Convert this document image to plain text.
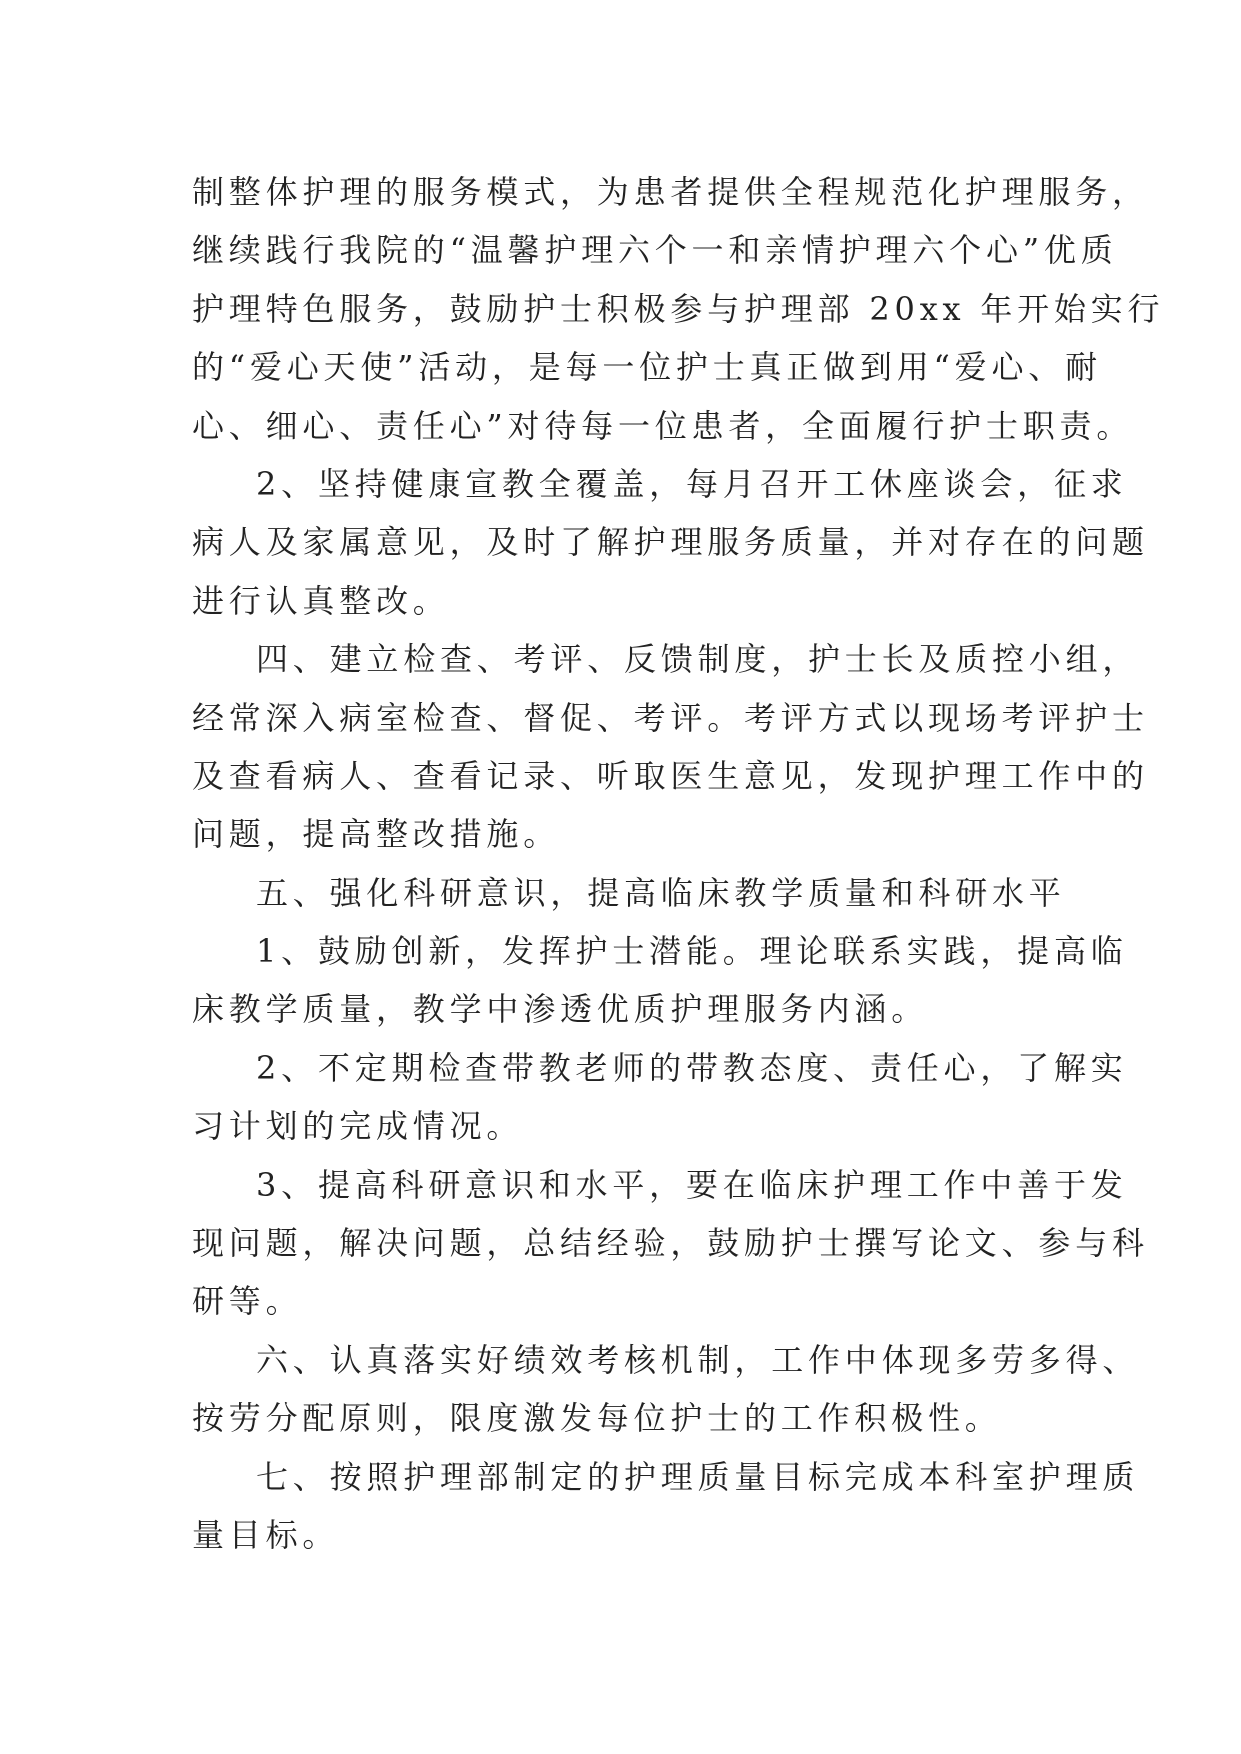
制整体护理的服务模式，为患者提供全程规范化护理服务，
继续践行我院的“温馨护理六个一和亲情护理六个心”优质
护理特色服务，鼓励护士积极参与护理部 20xx 年开始实行
的“爱心天使”活动，是每一位护士真正做到用“爱心、耐
心、细心、责任心”对待每一位患者，全面履行护士职责。
2、坚持健康宣教全覆盖，每月召开工休座谈会，征求
病人及家属意见，及时了解护理服务质量，并对存在的问题
进行认真整改。
四、建立检查、考评、反馈制度，护士长及质控小组，
经常深入病室检查、督促、考评。考评方式以现场考评护士
及查看病人、查看记录、听取医生意见，发现护理工作中的
问题，提高整改措施。
五、强化科研意识，提高临床教学质量和科研水平
1、鼓励创新，发挥护士潜能。理论联系实践，提高临
床教学质量，教学中渗透优质护理服务内涵。
2、不定期检查带教老师的带教态度、责任心，了解实
习计划的完成情况。
3、提高科研意识和水平，要在临床护理工作中善于发
现问题，解决问题，总结经验，鼓励护士撰写论文、参与科
研等。
六、认真落实好绩效考核机制，工作中体现多劳多得、
按劳分配原则，限度激发每位护士的工作积极性。
七、按照护理部制定的护理质量目标完成本科室护理质
量目标。
